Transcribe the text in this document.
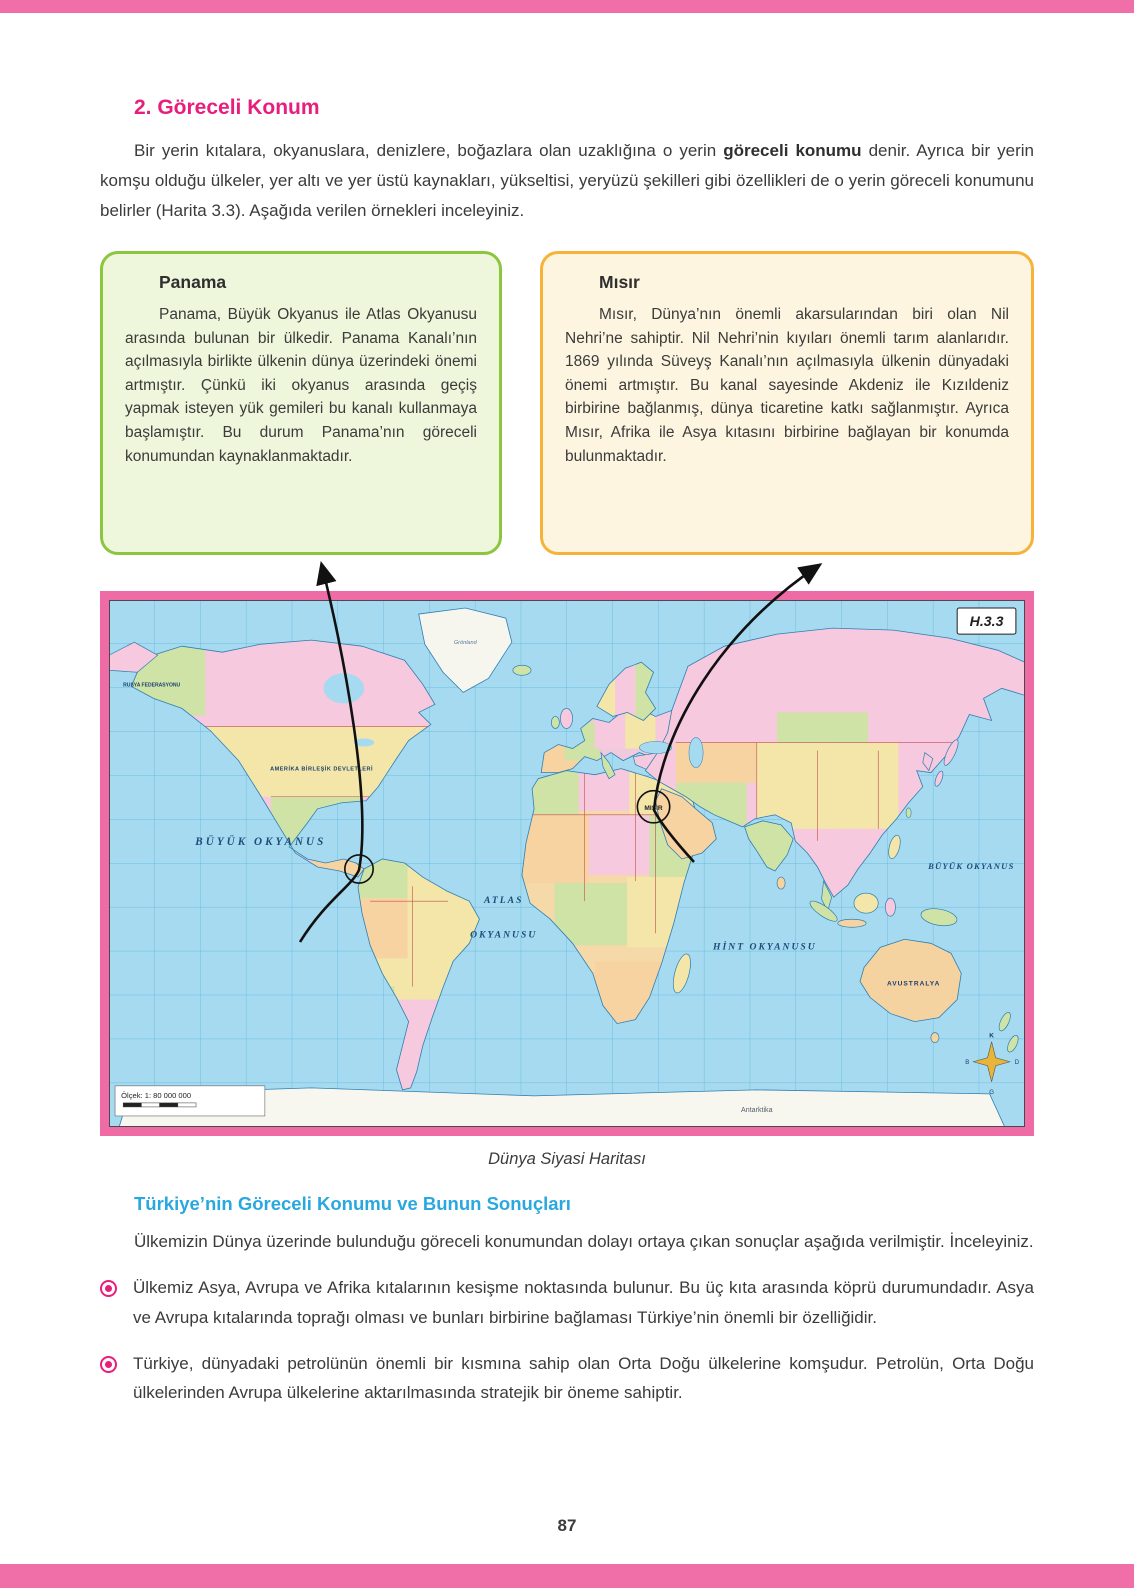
2. Göreceli Konum

Bir yerin kıtalara, okyanuslara, denizlere, boğazlara olan uzaklığına o yerin göreceli konumu denir. Ayrıca bir yerin komşu olduğu ülkeler, yer altı ve yer üstü kaynakları, yükseltisi, yeryüzü şekilleri gibi özellikleri de o yerin göreceli konumunu belirler (Harita 3.3). Aşağıda verilen örnekleri inceleyiniz.

Panama

Panama, Büyük Okyanus ile Atlas Okyanusu arasında bulunan bir ülkedir. Panama Kanalı’nın açılmasıyla birlikte ülkenin dünya üzerindeki önemi artmıştır. Çünkü iki okyanus arasında geçiş yapmak isteyen yük gemileri bu kanalı kullanmaya başlamıştır. Bu durum Panama’nın göreceli konumundan kaynaklanmaktadır.

Mısır

Mısır, Dünya’nın önemli akarsularından biri olan Nil Nehri’ne sahiptir. Nil Nehri’nin kıyıları önemli tarım alanlarıdır. 1869 yılında Süveyş Kanalı’nın açılmasıyla ülkenin dünyadaki önemi artmıştır. Bu kanal sayesinde Akdeniz ile Kızıldeniz birbirine bağlanmış, dünya ticaretine katkı sağlanmıştır. Ayrıca Mısır, Afrika ile Asya kıtasını birbirine bağlayan bir konumda bulunmaktadır.

BÜYÜK OKYANUS
ATLAS
OKYANUSU
HİNT OKYANUSU
BÜYÜK OKYANUS
MISIR
AMERİKA BİRLEŞİK DEVLETLERİ
RUSYA FEDERASYONU
AVUSTRALYA
Grönland
Antarktika
Ölçek: 1: 80 000 000
K
G
B	D
H.3.3
Dünya Siyasi Haritası
Türkiye’nin Göreceli Konumu ve Bunun Sonuçları

Ülkemizin Dünya üzerinde bulunduğu göreceli konumundan dolayı ortaya çıkan sonuçlar aşağıda verilmiştir. İnceleyiniz.

Ülkemiz Asya, Avrupa ve Afrika kıtalarının kesişme noktasında bulunur. Bu üç kıta arasında köprü durumundadır. Asya ve Avrupa kıtalarında toprağı olması ve bunları birbirine bağlaması Türkiye’nin önemli bir özelliğidir.

Türkiye, dünyadaki petrolünün önemli bir kısmına sahip olan Orta Doğu ülkelerine komşudur. Petrolün, Orta Doğu ülkelerinden Avrupa ülkelerine aktarılmasında stratejik bir öneme sahiptir.

87
